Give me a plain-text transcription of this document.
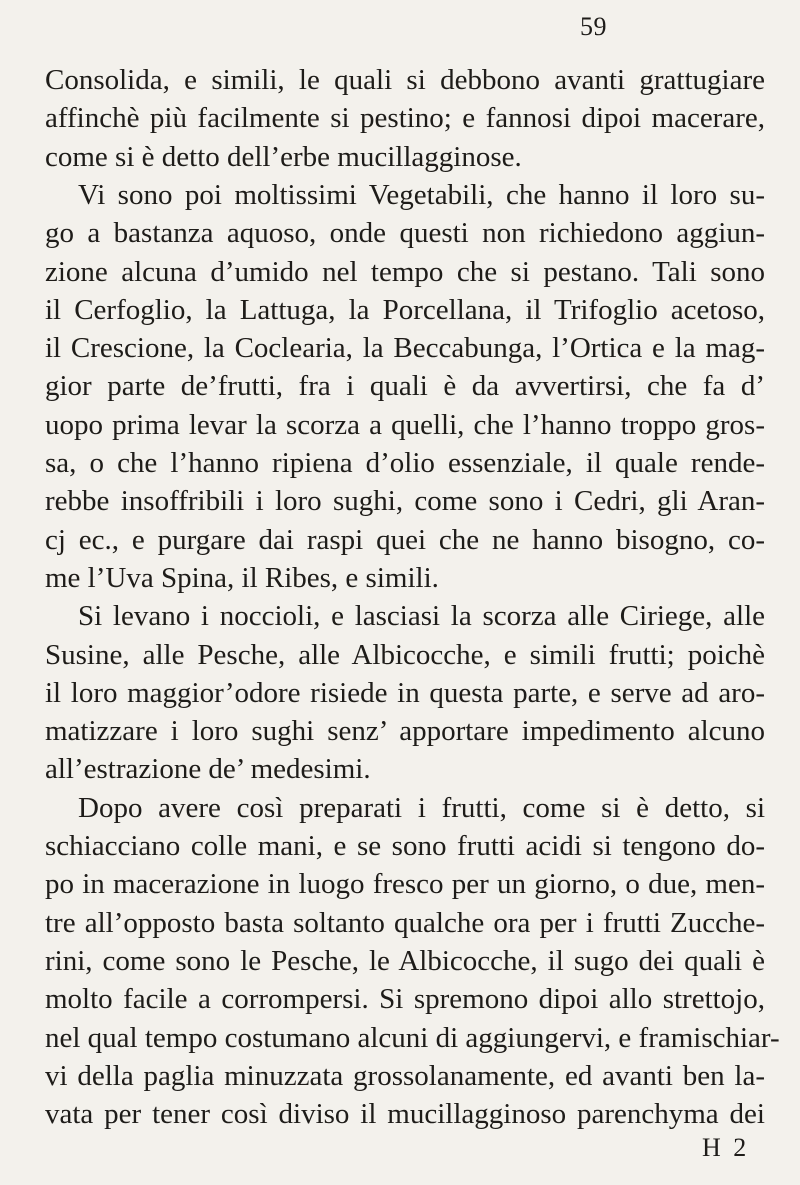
59
Consolida, e simili, le quali si debbono avanti grattugiare
affinchè più facilmente si pestino; e fannosi dipoi macerare,
come si è detto dell’erbe mucillagginose.
Vi sono poi moltissimi Vegetabili, che hanno il loro su-
go a bastanza aquoso, onde questi non richiedono aggiun-
zione alcuna d’umido nel tempo che si pestano. Tali sono
il Cerfoglio, la Lattuga, la Porcellana, il Trifoglio acetoso,
il Crescione, la Coclearia, la Beccabunga, l’Ortica e la mag-
gior parte de’frutti, fra i quali è da avvertirsi, che fa d’
uopo prima levar la scorza a quelli, che l’hanno troppo gros-
sa, o che l’hanno ripiena d’olio essenziale, il quale rende-
rebbe insoffribili i loro sughi, come sono i Cedri, gli Aran-
cj ec., e purgare dai raspi quei che ne hanno bisogno, co-
me l’Uva Spina, il Ribes, e simili.
Si levano i noccioli, e lasciasi la scorza alle Ciriege, alle
Susine, alle Pesche, alle Albicocche, e simili frutti; poichè
il loro maggior’odore risiede in questa parte, e serve ad aro-
matizzare i loro sughi senz’ apportare impedimento alcuno
all’estrazione de’ medesimi.
Dopo avere così preparati i frutti, come si è detto, si
schiacciano colle mani, e se sono frutti acidi si tengono do-
po in macerazione in luogo fresco per un giorno, o due, men-
tre all’opposto basta soltanto qualche ora per i frutti Zucche-
rini, come sono le Pesche, le Albicocche, il sugo dei quali è
molto facile a corrompersi. Si spremono dipoi allo strettojo,
nel qual tempo costumano alcuni di aggiungervi, e framischiar-
vi della paglia minuzzata grossolanamente, ed avanti ben la-
vata per tener così diviso il mucillagginoso parenchyma dei
H 2
